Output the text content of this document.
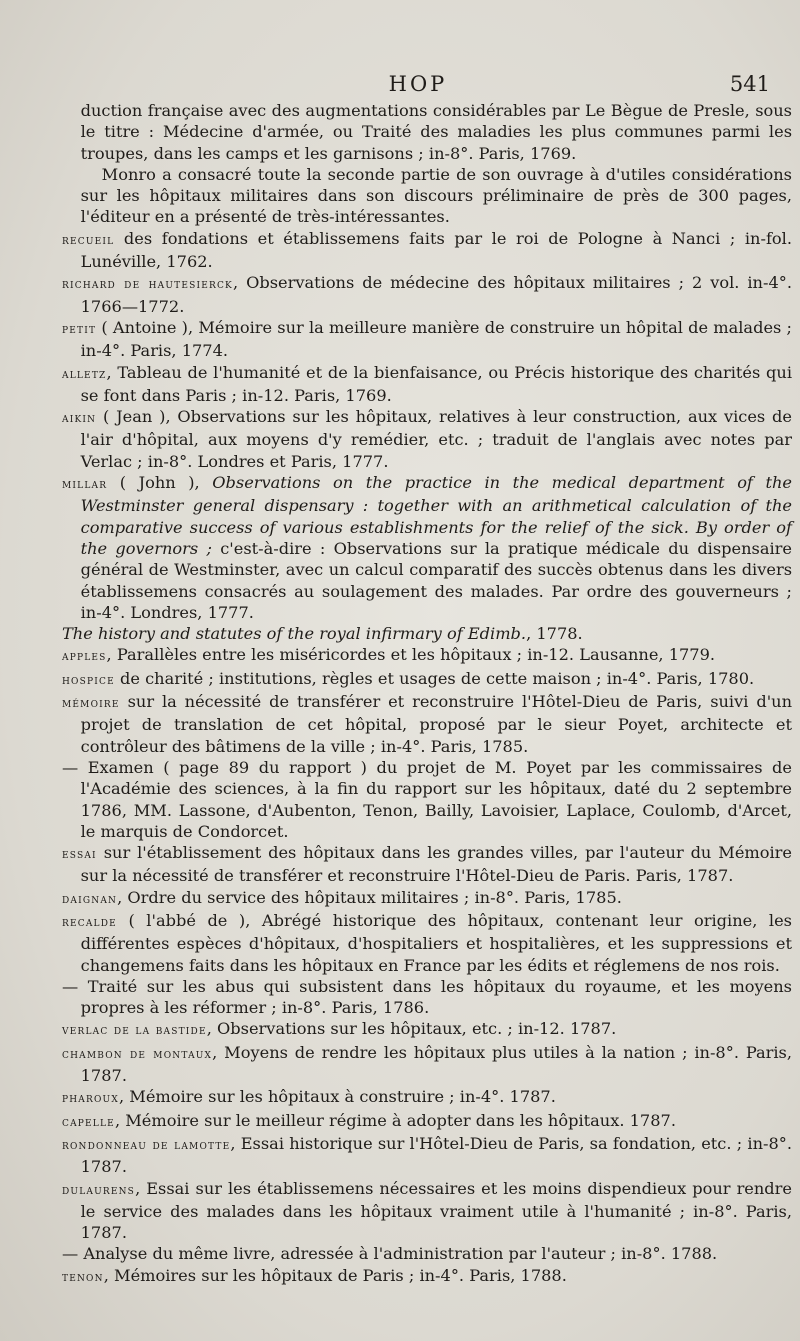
HOP	541

duction française avec des augmentations considérables par Le Bègue de Presle, sous le titre : Médecine d'armée, ou Traité des maladies les plus communes parmi les troupes, dans les camps et les garnisons ; in-8°. Paris, 1769.

Monro a consacré toute la seconde partie de son ouvrage à d'utiles considérations sur les hôpitaux militaires dans son discours préliminaire de près de 300 pages, l'éditeur en a présenté de très-intéressantes.

recueil des fondations et établissemens faits par le roi de Pologne à Nanci ; in-fol. Lunéville, 1762.

richard de hautesierck, Observations de médecine des hôpitaux militaires ; 2 vol. in-4°. 1766—1772.

petit ( Antoine ), Mémoire sur la meilleure manière de construire un hôpital de malades ; in-4°. Paris, 1774.

alletz, Tableau de l'humanité et de la bienfaisance, ou Précis historique des charités qui se font dans Paris ; in-12. Paris, 1769.

aikin ( Jean ), Observations sur les hôpitaux, relatives à leur construction, aux vices de l'air d'hôpital, aux moyens d'y remédier, etc. ; traduit de l'anglais avec notes par Verlac ; in-8°. Londres et Paris, 1777.

millar ( John ), Observations on the practice in the medical department of the Westminster general dispensary : together with an arithmetical calculation of the comparative success of various establishments for the relief of the sick. By order of the governors ; c'est-à-dire : Observations sur la pratique médicale du dispensaire général de Westminster, avec un calcul comparatif des succès obtenus dans les divers établissemens consacrés au soulagement des malades. Par ordre des gouverneurs ; in-4°. Londres, 1777.

The history and statutes of the royal infirmary of Edimb., 1778.

apples, Parallèles entre les miséricordes et les hôpitaux ; in-12. Lausanne, 1779.

hospice de charité ; institutions, règles et usages de cette maison ; in-4°. Paris, 1780.

mémoire sur la nécessité de transférer et reconstruire l'Hôtel-Dieu de Paris, suivi d'un projet de translation de cet hôpital, proposé par le sieur Poyet, architecte et contrôleur des bâtimens de la ville ; in-4°. Paris, 1785.

— Examen ( page 89 du rapport ) du projet de M. Poyet par les commissaires de l'Académie des sciences, à la fin du rapport sur les hôpitaux, daté du 2 septembre 1786, MM. Lassone, d'Aubenton, Tenon, Bailly, Lavoisier, Laplace, Coulomb, d'Arcet, le marquis de Condorcet.

essai sur l'établissement des hôpitaux dans les grandes villes, par l'auteur du Mémoire sur la nécessité de transférer et reconstruire l'Hôtel-Dieu de Paris. Paris, 1787.

daignan, Ordre du service des hôpitaux militaires ; in-8°. Paris, 1785.

recalde ( l'abbé de ), Abrégé historique des hôpitaux, contenant leur origine, les différentes espèces d'hôpitaux, d'hospitaliers et hospitalières, et les suppressions et changemens faits dans les hôpitaux en France par les édits et réglemens de nos rois.

— Traité sur les abus qui subsistent dans les hôpitaux du royaume, et les moyens propres à les réformer ; in-8°. Paris, 1786.

verlac de la bastide, Observations sur les hôpitaux, etc. ; in-12. 1787.

chambon de montaux, Moyens de rendre les hôpitaux plus utiles à la nation ; in-8°. Paris, 1787.

pharoux, Mémoire sur les hôpitaux à construire ; in-4°. 1787.

capelle, Mémoire sur le meilleur régime à adopter dans les hôpitaux. 1787.

rondonneau de lamotte, Essai historique sur l'Hôtel-Dieu de Paris, sa fondation, etc. ; in-8°. 1787.

dulaurens, Essai sur les établissemens nécessaires et les moins dispendieux pour rendre le service des malades dans les hôpitaux vraiment utile à l'humanité ; in-8°. Paris, 1787.

— Analyse du même livre, adressée à l'administration par l'auteur ; in-8°. 1788.

tenon, Mémoires sur les hôpitaux de Paris ; in-4°. Paris, 1788.
